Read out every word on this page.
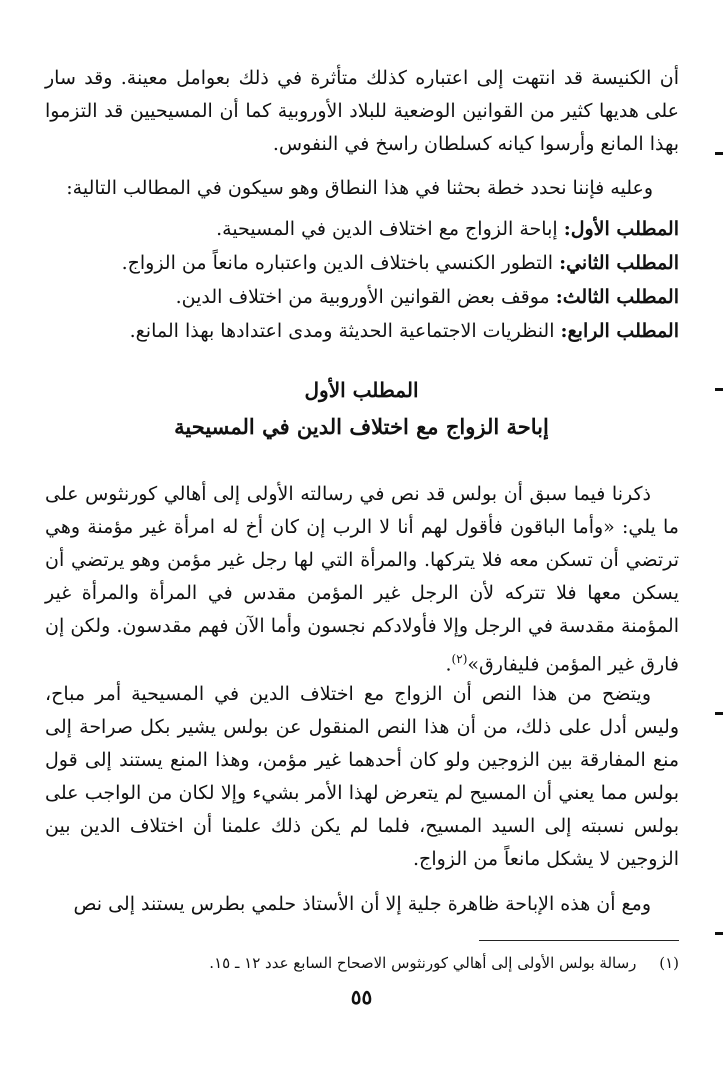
أن الكنيسة قد انتهت إلى اعتباره كذلك متأثرة في ذلك بعوامل معينة. وقد سار على هديها كثير من القوانين الوضعية للبلاد الأوروبية كما أن المسيحيين قد التزموا بهذا المانع وأرسوا كيانه كسلطان راسخ في النفوس.
وعليه فإننا نحدد خطة بحثنا في هذا النطاق وهو سيكون في المطالب التالية:
المطلب الأول: إباحة الزواج مع اختلاف الدين في المسيحية.
المطلب الثاني: التطور الكنسي باختلاف الدين واعتباره مانعاً من الزواج.
المطلب الثالث: موقف بعض القوانين الأوروبية من اختلاف الدين.
المطلب الرابع: النظريات الاجتماعية الحديثة ومدى اعتدادها بهذا المانع.
المطلب الأول
إباحة الزواج مع اختلاف الدين في المسيحية
ذكرنا فيما سبق أن بولس قد نص في رسالته الأولى إلى أهالي كورنثوس على ما يلي: «وأما الباقون فأقول لهم أنا لا الرب إن كان أخ له امرأة غير مؤمنة وهي ترتضي أن تسكن معه فلا يتركها. والمرأة التي لها رجل غير مؤمن وهو يرتضي أن يسكن معها فلا تتركه لأن الرجل غير المؤمن مقدس في المرأة والمرأة غير المؤمنة مقدسة في الرجل وإلا فأولادكم نجسون وأما الآن فهم مقدسون. ولكن إن فارق غير المؤمن فليفارق»$^{(٢)}$.
ويتضح من هذا النص أن الزواج مع اختلاف الدين في المسيحية أمر مباح، وليس أدل على ذلك، من أن هذا النص المنقول عن بولس يشير بكل صراحة إلى منع المفارقة بين الزوجين ولو كان أحدهما غير مؤمن، وهذا المنع يستند إلى قول بولس مما يعني أن المسيح لم يتعرض لهذا الأمر بشيء وإلا لكان من الواجب على بولس نسبته إلى السيد المسيح، فلما لم يكن ذلك علمنا أن اختلاف الدين بين الزوجين لا يشكل مانعاً من الزواج.
ومع أن هذه الإباحة ظاهرة جلية إلا أن الأستاذ حلمي بطرس يستند إلى نص
(١) رسالة بولس الأولى إلى أهالي كورنثوس الاصحاح السابع عدد ١٢ ـ ١٥.
٥٥
